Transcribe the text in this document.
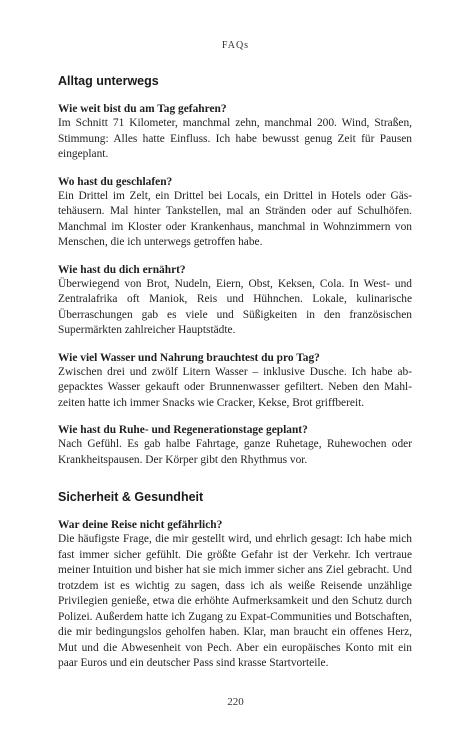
FAQs
Alltag unterwegs

Wie weit bist du am Tag gefahren?

Im Schnitt 71 Kilometer, manchmal zehn, manchmal 200. Wind, Straßen, Stimmung: Alles hatte Einfluss. Ich habe bewusst genug Zeit für Pausen eingeplant.

Wo hast du geschlafen?

Ein Drittel im Zelt, ein Drittel bei Locals, ein Drittel in Hotels oder Gästehäusern. Mal hinter Tankstellen, mal an Stränden oder auf Schulhöfen. Manchmal im Kloster oder Krankenhaus, manchmal in Wohnzimmern von Menschen, die ich unterwegs getroffen habe.

Wie hast du dich ernährt?

Überwiegend von Brot, Nudeln, Eiern, Obst, Keksen, Cola. In West- und Zentralafrika oft Maniok, Reis und Hühnchen. Lokale, kulinarische Überraschungen gab es viele und Süßigkeiten in den französischen Supermärkten zahlreicher Hauptstädte.

Wie viel Wasser und Nahrung brauchtest du pro Tag?

Zwischen drei und zwölf Litern Wasser – inklusive Dusche. Ich habe abgepacktes Wasser gekauft oder Brunnenwasser gefiltert. Neben den Mahlzeiten hatte ich immer Snacks wie Cracker, Kekse, Brot griffbereit.

Wie hast du Ruhe- und Regenerationstage geplant?

Nach Gefühl. Es gab halbe Fahrtage, ganze Ruhetage, Ruhewochen oder Krankheitspausen. Der Körper gibt den Rhythmus vor.

Sicherheit & Gesundheit

War deine Reise nicht gefährlich?

Die häufigste Frage, die mir gestellt wird, und ehrlich gesagt: Ich habe mich fast immer sicher gefühlt. Die größte Gefahr ist der Verkehr. Ich vertraue meiner Intuition und bisher hat sie mich immer sicher ans Ziel gebracht. Und trotzdem ist es wichtig zu sagen, dass ich als weiße Reisende unzählige Privilegien genieße, etwa die erhöhte Aufmerksamkeit und den Schutz durch Polizei. Außerdem hatte ich Zugang zu Expat-Communities und Botschaften, die mir bedingungslos geholfen haben. Klar, man braucht ein offenes Herz, Mut und die Abwesenheit von Pech. Aber ein europäisches Konto mit ein paar Euros und ein deutscher Pass sind krasse Startvorteile.

220
